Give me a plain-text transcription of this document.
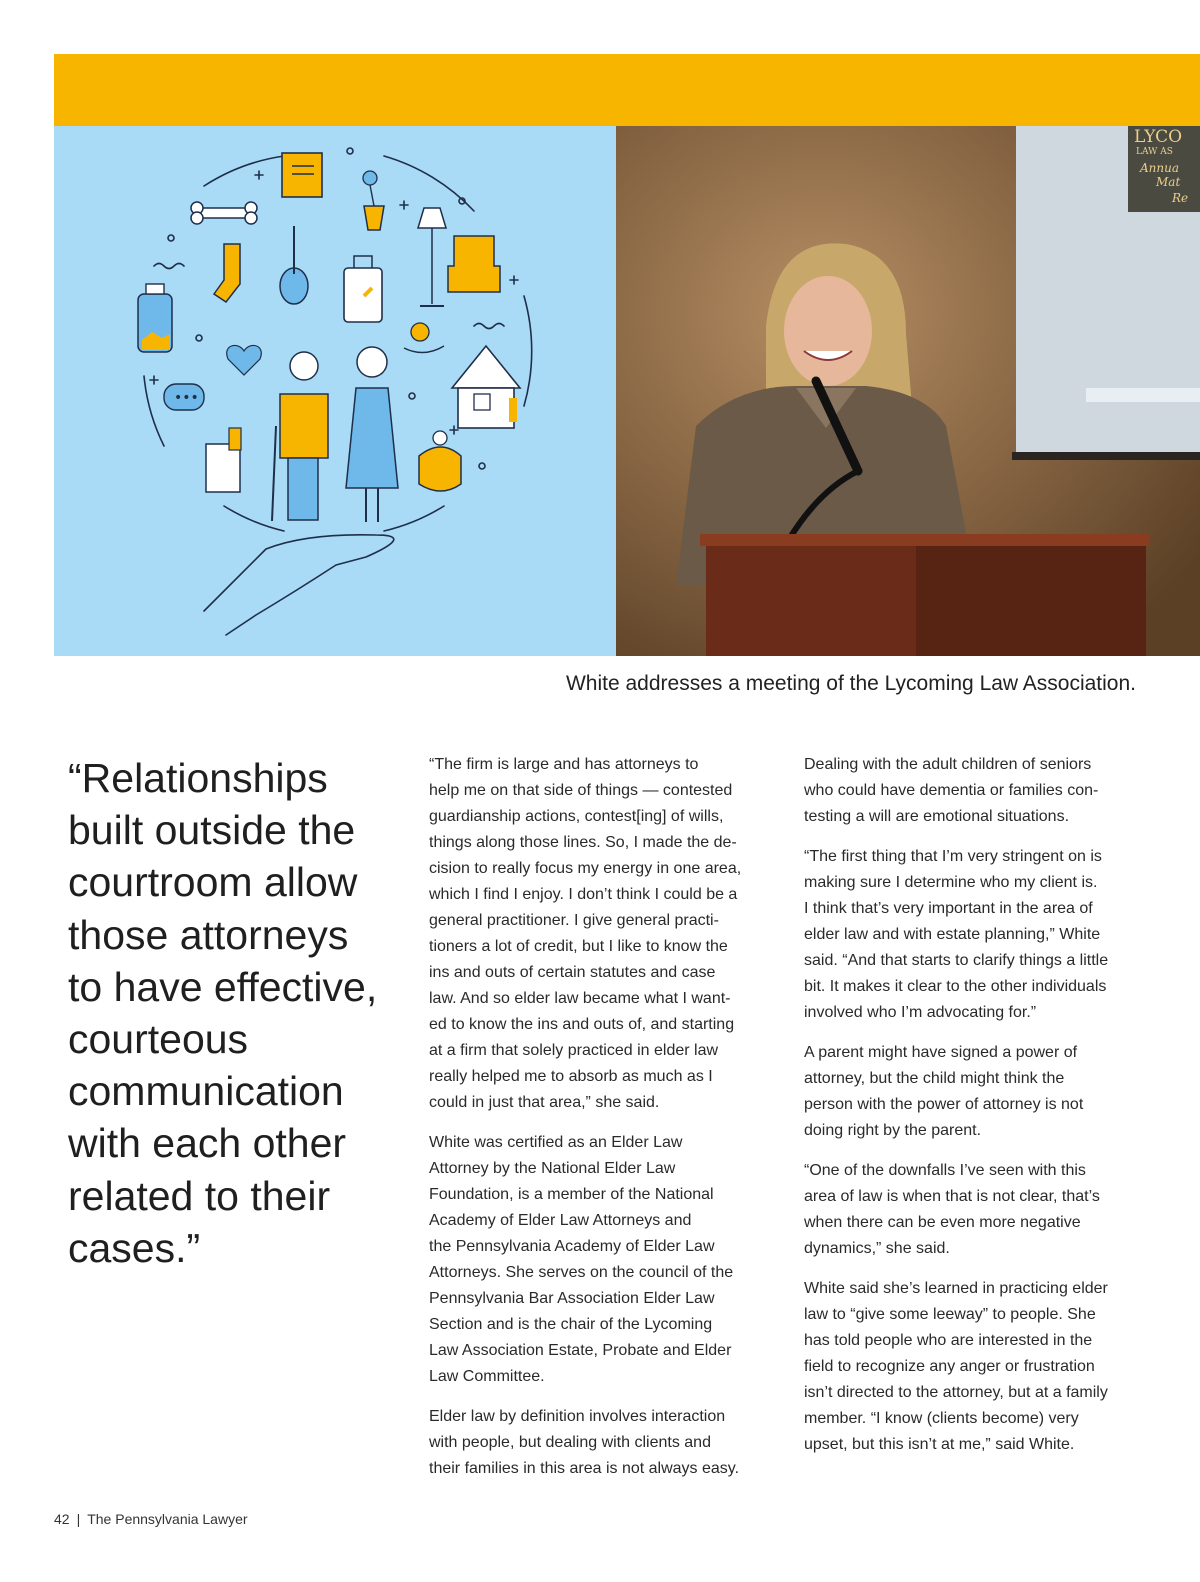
•••
LYCO
LAW AS
Annua
Mat
Re
White addresses a meeting of the Lycoming Law Association.
“Relationships built outside the courtroom allow those attorneys to have effective, courteous communication with each other related to their cases.”

“The firm is large and has attorneys to
help me on that side of things — contested
guardianship actions, contest[ing] of wills,
things along those lines. So, I made the de-
cision to really focus my energy in one area,
which I find I enjoy. I don’t think I could be a
general practitioner. I give general practi-
tioners a lot of credit, but I like to know the
ins and outs of certain statutes and case
law. And so elder law became what I want-
ed to know the ins and outs of, and starting
at a firm that solely practiced in elder law
really helped me to absorb as much as I
could in just that area,” she said.

White was certified as an Elder Law
Attorney by the National Elder Law
Foundation, is a member of the National
Academy of Elder Law Attorneys and
the Pennsylvania Academy of Elder Law
Attorneys. She serves on the council of the
Pennsylvania Bar Association Elder Law
Section and is the chair of the Lycoming
Law Association Estate, Probate and Elder
Law Committee.

Elder law by definition involves interaction
with people, but dealing with clients and
their families in this area is not always easy.

Dealing with the adult children of seniors
who could have dementia or families con-
testing a will are emotional situations.

“The first thing that I’m very stringent on is
making sure I determine who my client is.
I think that’s very important in the area of
elder law and with estate planning,” White
said. “And that starts to clarify things a little
bit. It makes it clear to the other individuals
involved who I’m advocating for.”

A parent might have signed a power of
attorney, but the child might think the
person with the power of attorney is not
doing right by the parent.

“One of the downfalls I’ve seen with this
area of law is when that is not clear, that’s
when there can be even more negative
dynamics,” she said.

White said she’s learned in practicing elder
law to “give some leeway” to people. She
has told people who are interested in the
field to recognize any anger or frustration
isn’t directed to the attorney, but at a family
member. “I know (clients become) very
upset, but this isn’t at me,” said White.

42 | The Pennsylvania Lawyer
